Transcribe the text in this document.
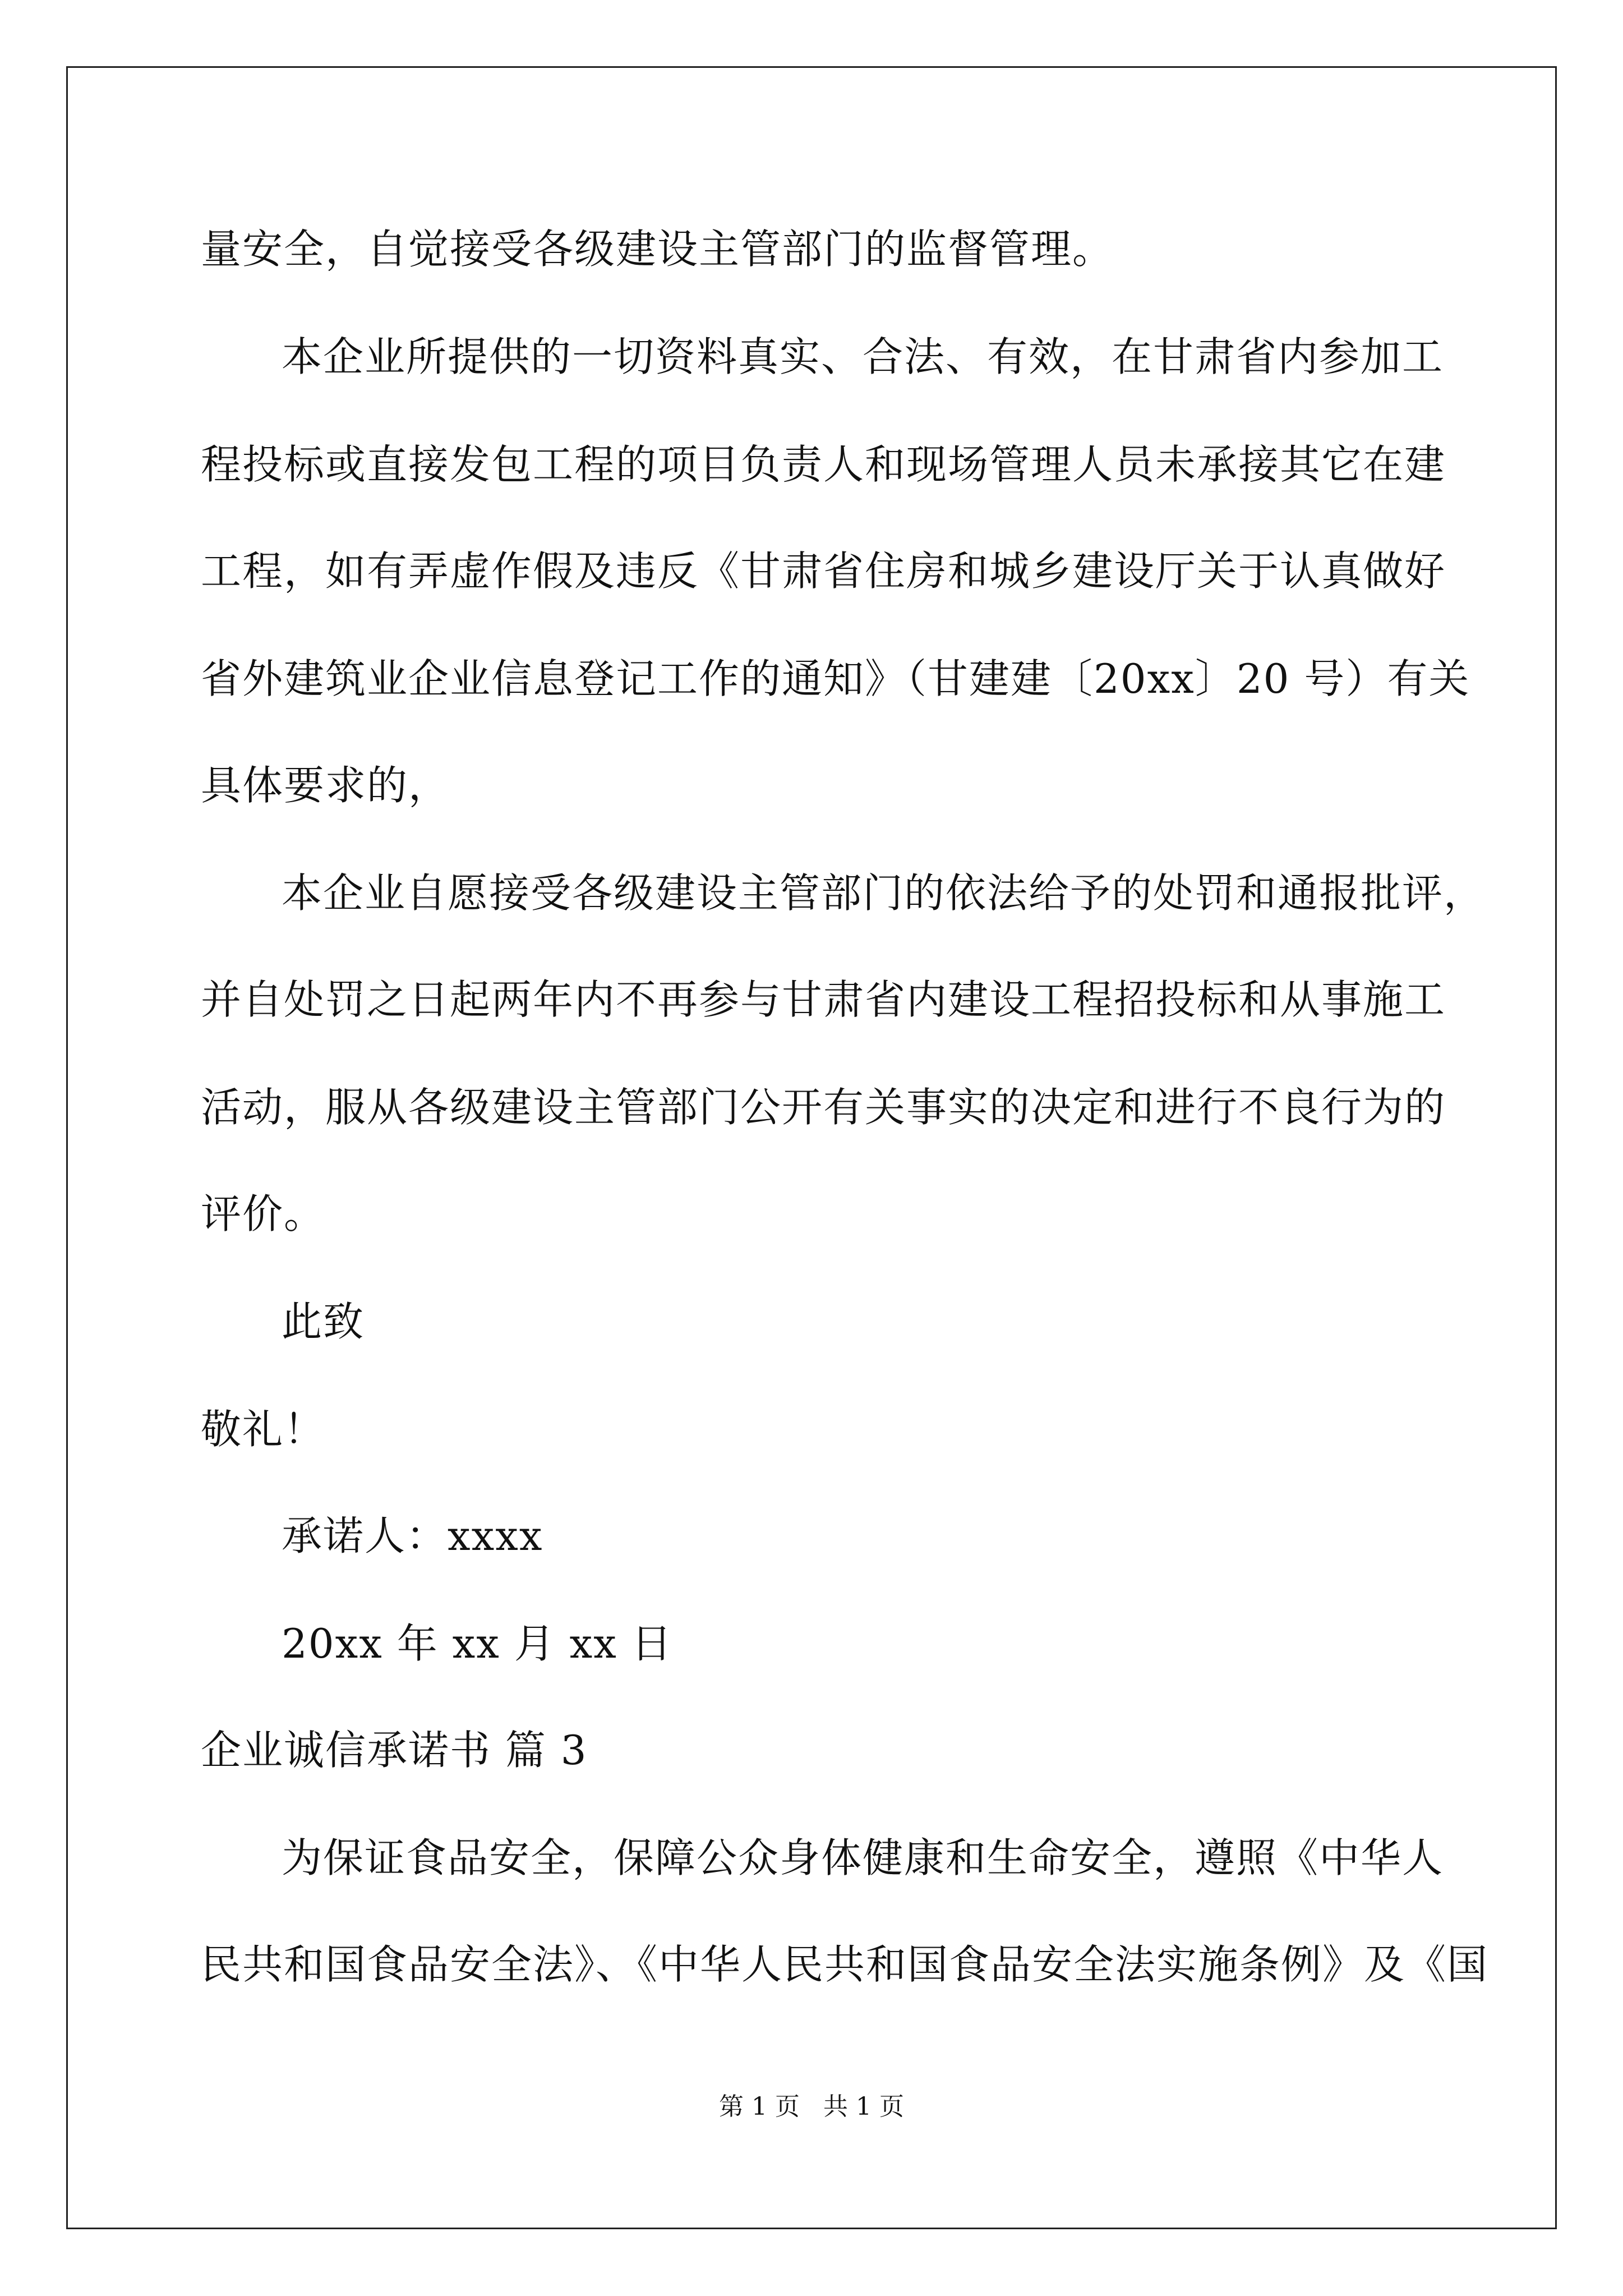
量安全，自觉接受各级建设主管部门的监督管理。
本企业所提供的一切资料真实、合法、有效，在甘肃省内参加工
程投标或直接发包工程的项目负责人和现场管理人员未承接其它在建
工程，如有弄虚作假及违反《甘肃省住房和城乡建设厅关于认真做好
省外建筑业企业信息登记工作的通知》（甘建建〔20xx〕20 号）有关
具体要求的，
本企业自愿接受各级建设主管部门的依法给予的处罚和通报批评，
并自处罚之日起两年内不再参与甘肃省内建设工程招投标和从事施工
活动，服从各级建设主管部门公开有关事实的决定和进行不良行为的
评价。
此致
敬礼！
承诺人：xxxx
20xx 年 xx 月 xx 日
企业诚信承诺书 篇 3
为保证食品安全，保障公众身体健康和生命安全，遵照《中华人
民共和国食品安全法》、《中华人民共和国食品安全法实施条例》及《国
第 1 页   共 1 页
